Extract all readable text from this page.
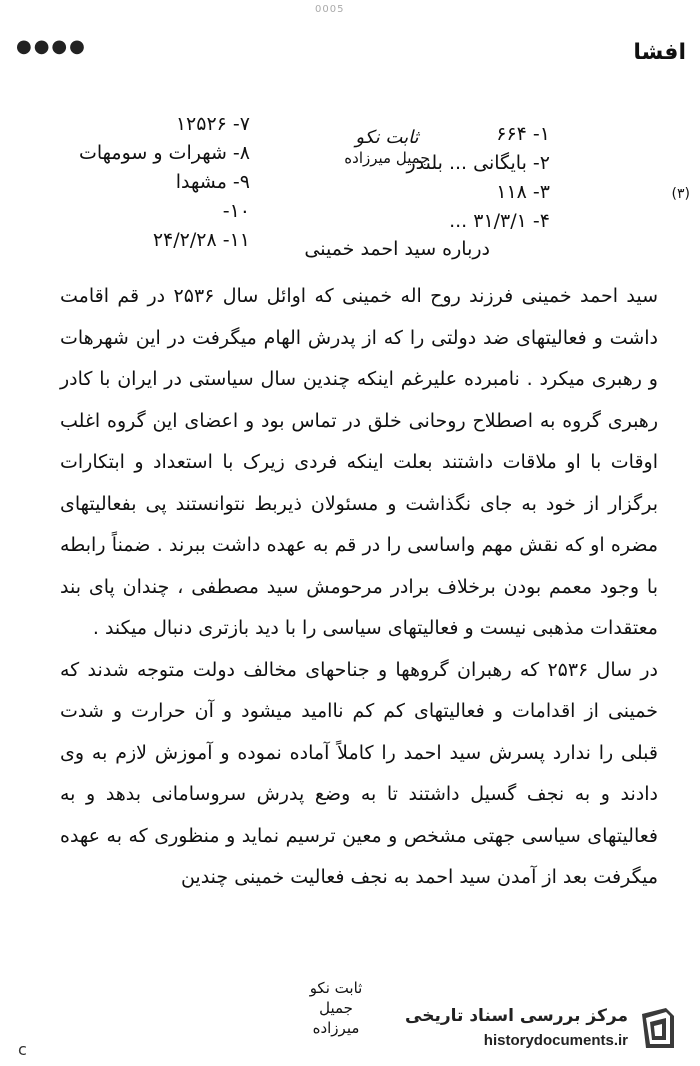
0005
●●●●	افشا
(۳)
۱- ۶۶۴
۲- بایگانی ... بلندر
۳- ۱۱۸
۴- ۳۱/۳/۱ ...
۷- ۱۲۵۲۶
۸- شهرات و سومهات
۹- مشهدا
۱۰-
۱۱- ۲۴/۲/۲۸
ثابت نکو
جمیل میرزاده
درباره سید احمد خمینی

سید احمد خمینی فرزند روح اله خمینی که اوائل سال ۲۵۳۶ در قم اقامت داشت و فعالیتهای ضد دولتی را که از پدرش الهام میگرفت در این شهرهات و رهبری میکرد . نامبرده علیرغم اینکه چندین سال سیاستی در ایران با کادر رهبری گروه به اصطلاح روحانی خلق در تماس بود و اعضای این گروه اغلب اوقات با او ملاقات داشتند بعلت اینکه فردی زیرک با استعداد و ابتکارات برگزار از خود به جای نگذاشت و مسئولان ذیربط نتوانستند پی بفعالیتهای مضره او که نقش مهم واساسی را در قم به عهده داشت ببرند . ضمناً رابطه با وجود معمم بودن برخلاف برادر مرحومش سید مصطفی ، چندان پای بند معتقدات مذهبی نیست و فعالیتهای سیاسی را با دید بازتری دنبال میکند .

در سال ۲۵۳۶ که رهبران گروهها و جناحهای مخالف دولت متوجه شدند که خمینی از اقدامات و فعالیتهای کم کم ناامید میشود و آن حرارت و شدت قبلی را ندارد پسرش سید احمد را کاملاً آماده نموده و آموزش لازم به وی دادند و به نجف گسیل داشتند تا به وضع پدرش سروسامانی بدهد و به فعالیتهای سیاسی جهتی مشخص و معین ترسیم نماید و منظوری که به عهده میگرفت بعد از آمدن سید احمد به نجف فعالیت خمینی چندین

ثابت نکو
جمیل میرزاده
مرکز بررسی اسناد تاریخی
historydocuments.ir
c
